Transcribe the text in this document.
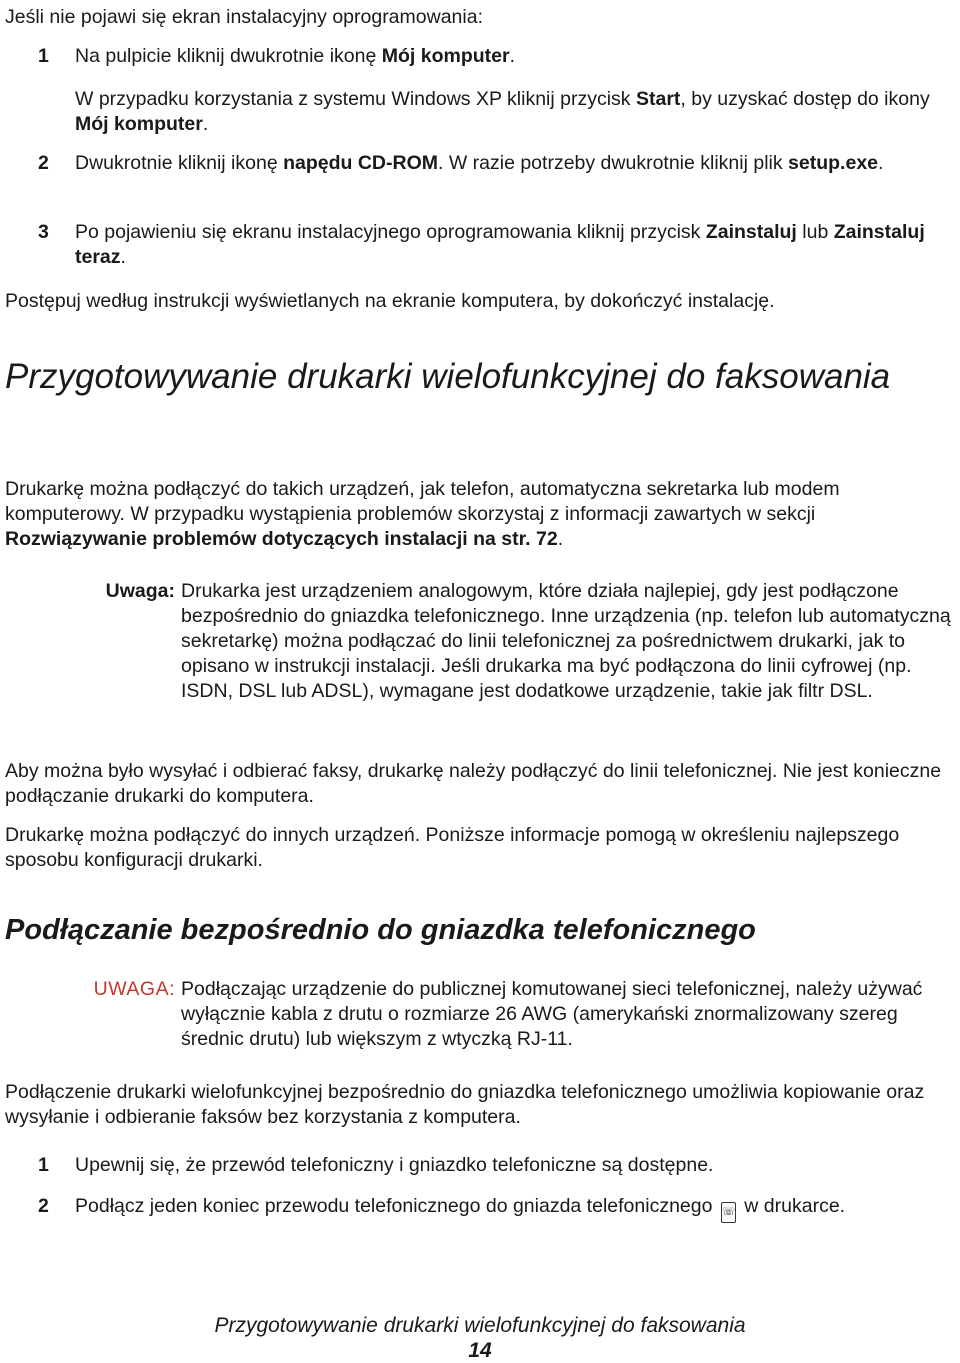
Jeśli nie pojawi się ekran instalacyjny oprogramowania:

1 Na pulpicie kliknij dwukrotnie ikonę Mój komputer.

W przypadku korzystania z systemu Windows XP kliknij przycisk Start, by uzyskać dostęp do ikony Mój komputer.

2 Dwukrotnie kliknij ikonę napędu CD-ROM. W razie potrzeby dwukrotnie kliknij plik setup.exe.
3 Po pojawieniu się ekranu instalacyjnego oprogramowania kliknij przycisk Zainstaluj lub Zainstaluj teraz.

Postępuj według instrukcji wyświetlanych na ekranie komputera, by dokończyć instalację.

Przygotowywanie drukarki wielofunkcyjnej do faksowania

Drukarkę można podłączyć do takich urządzeń, jak telefon, automatyczna sekretarka lub modem komputerowy. W przypadku wystąpienia problemów skorzystaj z informacji zawartych w sekcji Rozwiązywanie problemów dotyczących instalacji na str. 72.

Uwaga: Drukarka jest urządzeniem analogowym, które działa najlepiej, gdy jest podłączone bezpośrednio do gniazdka telefonicznego. Inne urządzenia (np. telefon lub automatyczną sekretarkę) można podłączać do linii telefonicznej za pośrednictwem drukarki, jak to opisano w instrukcji instalacji. Jeśli drukarka ma być podłączona do linii cyfrowej (np. ISDN, DSL lub ADSL), wymagane jest dodatkowe urządzenie, takie jak filtr DSL.

Aby można było wysyłać i odbierać faksy, drukarkę należy podłączyć do linii telefonicznej. Nie jest konieczne podłączanie drukarki do komputera.

Drukarkę można podłączyć do innych urządzeń. Poniższe informacje pomogą w określeniu najlepszego sposobu konfiguracji drukarki.

Podłączanie bezpośrednio do gniazdka telefonicznego
UWAGA: Podłączając urządzenie do publicznej komutowanej sieci telefonicznej, należy używać wyłącznie kabla z drutu o rozmiarze 26 AWG (amerykański znormalizowany szereg średnic drutu) lub większym z wtyczką RJ-11.

Podłączenie drukarki wielofunkcyjnej bezpośrednio do gniazdka telefonicznego umożliwia kopiowanie oraz wysyłanie i odbieranie faksów bez korzystania z komputera.

1 Upewnij się, że przewód telefoniczny i gniazdko telefoniczne są dostępne.
2 Podłącz jeden koniec przewodu telefonicznego do gniazda telefonicznego ☏ w drukarce.
Przygotowywanie drukarki wielofunkcyjnej do faksowania
14
